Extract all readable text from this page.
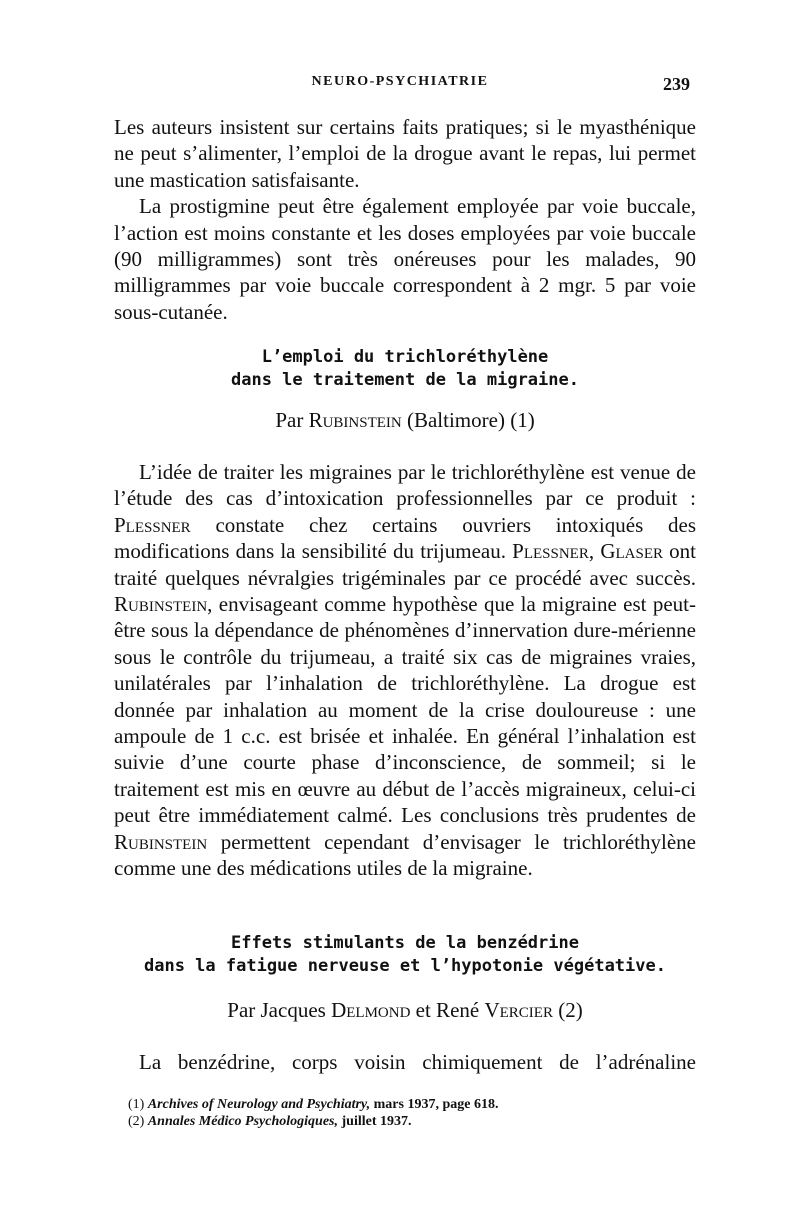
NEURO-PSYCHIATRIE	239

Les auteurs insistent sur certains faits pratiques; si le myasthénique ne peut s’alimenter, l’emploi de la drogue avant le repas, lui permet une mastication satisfaisante.

La prostigmine peut être également employée par voie buccale, l’action est moins constante et les doses employées par voie buccale (90 milligrammes) sont très onéreuses pour les malades, 90 milligrammes par voie buccale correspondent à 2 mgr. 5 par voie sous-cutanée.

L’emploi du trichloréthylène

dans le traitement de la migraine.

Par Rubinstein (Baltimore) (1)

L’idée de traiter les migraines par le trichloréthylène est venue de l’étude des cas d’intoxication professionnelles par ce produit : Plessner constate chez certains ouvriers intoxiqués des modifications dans la sensibilité du trijumeau. Plessner, Glaser ont traité quelques névralgies trigéminales par ce procédé avec succès. Rubinstein, envisageant comme hypothèse que la migraine est peut-être sous la dépendance de phénomènes d’innervation dure-mérienne sous le contrôle du trijumeau, a traité six cas de migraines vraies, unilatérales par l’inhalation de trichloréthylène. La drogue est donnée par inhalation au moment de la crise douloureuse : une ampoule de 1 c.c. est brisée et inhalée. En général l’inhalation est suivie d’une courte phase d’inconscience, de sommeil; si le traitement est mis en œuvre au début de l’accès migraineux, celui-ci peut être immédiatement calmé. Les conclusions très prudentes de Rubinstein permettent cependant d’envisager le trichloréthylène comme une des médications utiles de la migraine.

Effets stimulants de la benzédrine

dans la fatigue nerveuse et l’hypotonie végétative.

Par Jacques Delmond et René Vercier (2)

La benzédrine, corps voisin chimiquement de l’adrénaline

(1) Archives of Neurology and Psychiatry, mars 1937, page 618.

(2) Annales Médico Psychologiques, juillet 1937.
